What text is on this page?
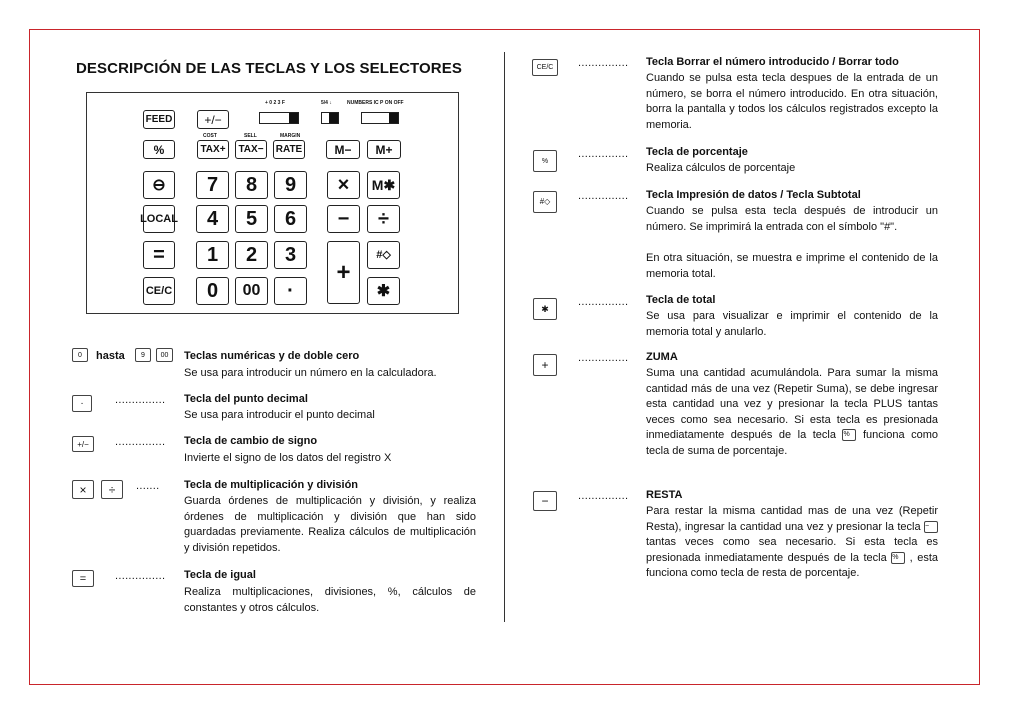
DESCRIPCIÓN DE LAS TECLAS Y LOS SELECTORES
+ 0 2 3 F	5/4 ↓	NUMBERS IC P ON OFF
FEED	+/−
COST	SELL	MARGIN
%	TAX+	TAX−	RATE	M−	M+
⊖	7	8	9	×	M✱
LOCAL	4	5	6	−	÷
=	1	2	3
+
#◇
CE/C	0	00	·	✱
0	hasta	9	00	Teclas numéricas y de doble cero
Se usa para introducir un número en la calculadora.
·	............... Tecla del punto decimal
Se usa para introducir el punto decimal
+/−	............... Tecla de cambio de signo
Invierte el signo de los datos del registro X
×	÷	....... Tecla de multiplicación y división
Guarda órdenes de multiplicación y división, y realiza órdenes de multiplicación y división que han sido guardadas previamente. Realiza cálculos de multiplicación y división repetidos.
=	............... Tecla de igual
Realiza multiplicaciones, divisiones, %, cálculos de constantes y otros cálculos.
CE/C	............... Tecla Borrar el número introducido / Borrar todo
Cuando se pulsa esta tecla despues de la entrada de un número, se borra el número introducido. En otra situación, borra la pantalla y todos los cálculos registrados excepto la memoria.
%
............... Tecla de porcentaje
Realiza cálculos de porcentaje
#◇	............... Tecla Impresión de datos / Tecla Subtotal
Cuando se pulsa esta tecla después de introducir un número. Se imprimirá la entrada con el símbolo "#".
En otra situación, se muestra e imprime el contenido de la memoria total.
✱
............... Tecla de total
Se usa para visualizar e imprimir el contenido de la memoria total y anularlo.
+	............... ZUMA
Suma una cantidad acumulándola. Para sumar la misma cantidad más de una vez (Repetir Suma), se debe ingresar esta cantidad una vez y presionar la tecla PLUS tantas veces como sea necesario. Si esta tecla es presionada inmediatamente después de la tecla % funciona como tecla de suma de porcentaje.
−	............... RESTA
Para restar la misma cantidad mas de una vez (Repetir Resta), ingresar la cantidad una vez y presionar la tecla − tantas veces como sea necesario. Si esta tecla es presionada inmediatamente después de la tecla % , esta funciona como tecla de resta de porcentaje.
